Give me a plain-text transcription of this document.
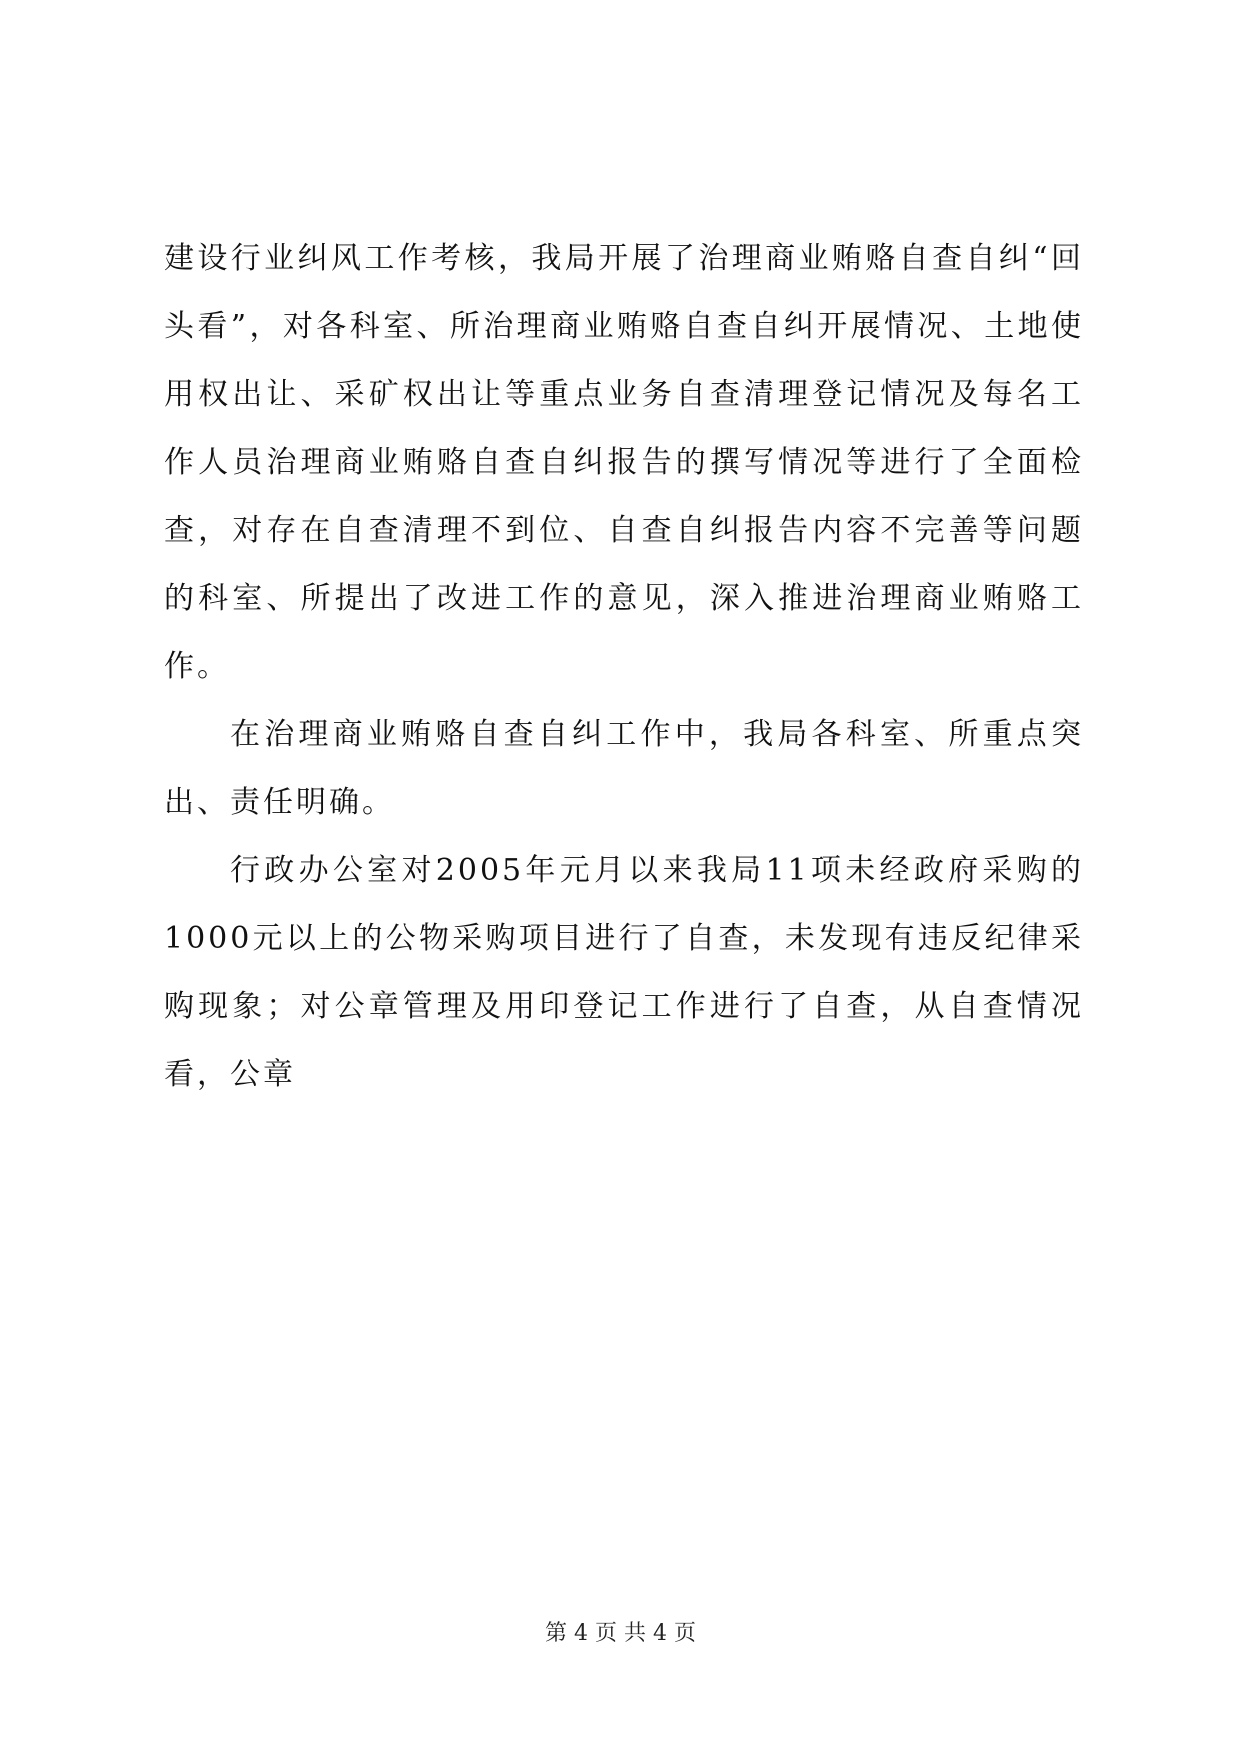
建设行业纠风工作考核，我局开展了治理商业贿赂自查自纠“回头看”，对各科室、所治理商业贿赂自查自纠开展情况、土地使用权出让、采矿权出让等重点业务自查清理登记情况及每名工作人员治理商业贿赂自查自纠报告的撰写情况等进行了全面检查，对存在自查清理不到位、自查自纠报告内容不完善等问题的科室、所提出了改进工作的意见，深入推进治理商业贿赂工作。

在治理商业贿赂自查自纠工作中，我局各科室、所重点突出、责任明确。

行政办公室对2005年元月以来我局11项未经政府采购的1000元以上的公物采购项目进行了自查，未发现有违反纪律采购现象；对公章管理及用印登记工作进行了自查，从自查情况看，公章

第 4 页 共 4 页
